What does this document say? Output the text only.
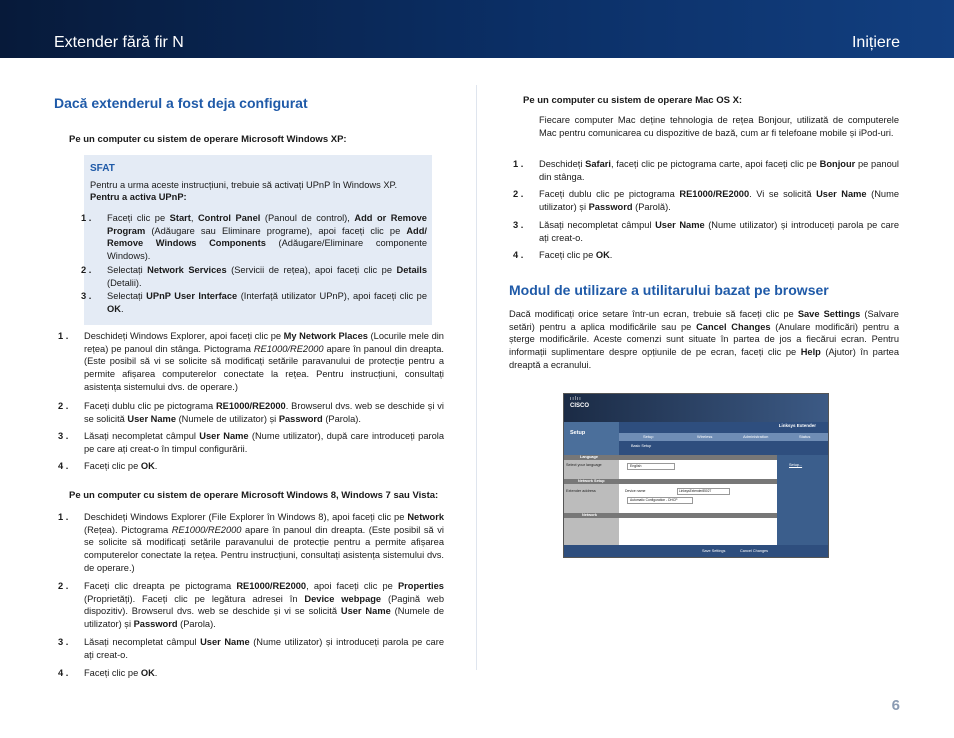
Extender fără fir N	Inițiere
Dacă extenderul a fost deja configurat
Pe un computer cu sistem de operare Microsoft Windows XP:
SFAT
Pentru a urma aceste instrucțiuni, trebuie să activați UPnP în Windows XP.
Pentru a activa UPnP:
1 .	Faceți clic pe Start, Control Panel (Panoul de control), Add or Remove Program (Adăugare sau Eliminare programe), apoi faceți clic pe Add/ Remove Windows Components (Adăugare/Eliminare componente Windows).
2 .	Selectați Network Services (Servicii de rețea), apoi faceți clic pe Details (Detalii).
3 .	Selectați UPnP User Interface (Interfață utilizator UPnP), apoi faceți clic pe OK.
1 .	Deschideți Windows Explorer, apoi faceți clic pe My Network Places (Locurile mele din rețea) pe panoul din stânga. Pictograma RE1000/RE2000 apare în panoul din dreapta. (Este posibil să vi se solicite să modificați setările paravanului de protecție pentru a permite afișarea computerelor conectate la rețea. Pentru instrucțiuni, consultați asistența sistemului dvs. de operare.)
2 .	Faceți dublu clic pe pictograma RE1000/RE2000. Browserul dvs. web se deschide și vi se solicită User Name (Numele de utilizator) și Password (Parola).
3 .	Lăsați necompletat câmpul User Name (Nume utilizator), după care introduceți parola pe care ați creat-o în timpul configurării.
4 .	Faceți clic pe OK.
Pe un computer cu sistem de operare Microsoft Windows 8, Windows 7 sau Vista:
1 .	Deschideți Windows Explorer (File Explorer în Windows 8), apoi faceți clic pe Network (Rețea). Pictograma RE1000/RE2000 apare în panoul din dreapta. (Este posibil să vi se solicite să modificați setările paravanului de protecție pentru a permite afișarea computerelor conectate la rețea. Pentru instrucțiuni, consultați asistența sistemului dvs. de operare.)
2 .	Faceți clic dreapta pe pictograma RE1000/RE2000, apoi faceți clic pe Properties (Proprietăți). Faceți clic pe legătura adresei în Device webpage (Pagină web dispozitiv). Browserul dvs. web se deschide și vi se solicită User Name (Numele de utilizator) și Password (Parola).
3 .	Lăsați necompletat câmpul User Name (Nume utilizator) și introduceți parola pe care ați creat-o.
4 .	Faceți clic pe OK.
Pe un computer cu sistem de operare Mac OS X:
Fiecare computer Mac deține tehnologia de rețea Bonjour, utilizată de computerele Mac pentru comunicarea cu dispozitive de bază, cum ar fi telefoane mobile și iPod-uri.
1 .	Deschideți Safari, faceți clic pe pictograma carte, apoi faceți clic pe Bonjour pe panoul din stânga.
2 .	Faceți dublu clic pe pictograma RE1000/RE2000. Vi se solicită User Name (Nume utilizator) și Password (Parolă).
3 .	Lăsați necompletat câmpul User Name (Nume utilizator) și introduceți parola pe care ați creat-o.
4 .	Faceți clic pe OK.
Modul de utilizare a utilitarului bazat pe browser
Dacă modificați orice setare într-un ecran, trebuie să faceți clic pe Save Settings (Salvare setări) pentru a aplica modificările sau pe Cancel Changes (Anulare modificări) pentru a șterge modificările. Aceste comenzi sunt situate în partea de jos a fiecărui ecran. Pentru informații suplimentare despre opțiunile de pe ecran, faceți clic pe Help (Ajutor) în partea dreaptă a ecranului.
ıılıı
CISCO
Setup
Linksys Extender
Setup	Wireless	Administration	Status
Basic Setup
Language
Network Setup
Extender address
Network
Select your language	English
Device name	LinksysExtender85027
Automatic Configuration - DHCP
Setup...
Save Settings	Cancel Changes
6
